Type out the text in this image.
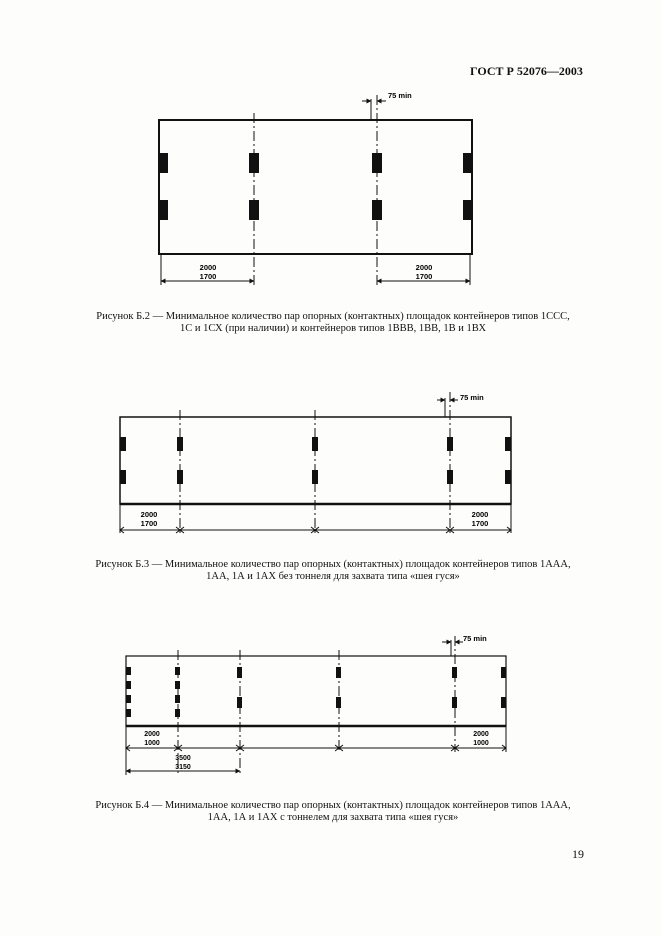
ГОСТ Р 52076—2003
75 min
2000
1700
2000
1700
Рисунок Б.2 — Минимальное количество пар опорных (контактных) площадок контейнеров типов 1ССС,
1С и 1СХ (при наличии) и контейнеров типов 1ВВВ, 1ВВ, 1В и 1ВХ
75 min
2000
1700
2000
1700
Рисунок Б.3 — Минимальное количество пар опорных (контактных) площадок контейнеров типов 1ААА,
1АА, 1А и 1АХ без тоннеля для захвата типа «шея гуся»
75 min
2000
1000
2000
1000
3500
3150
Рисунок Б.4 — Минимальное количество пар опорных (контактных) площадок контейнеров типов 1ААА,
1АА, 1А и 1АХ с тоннелем для захвата типа «шея гуся»
19
